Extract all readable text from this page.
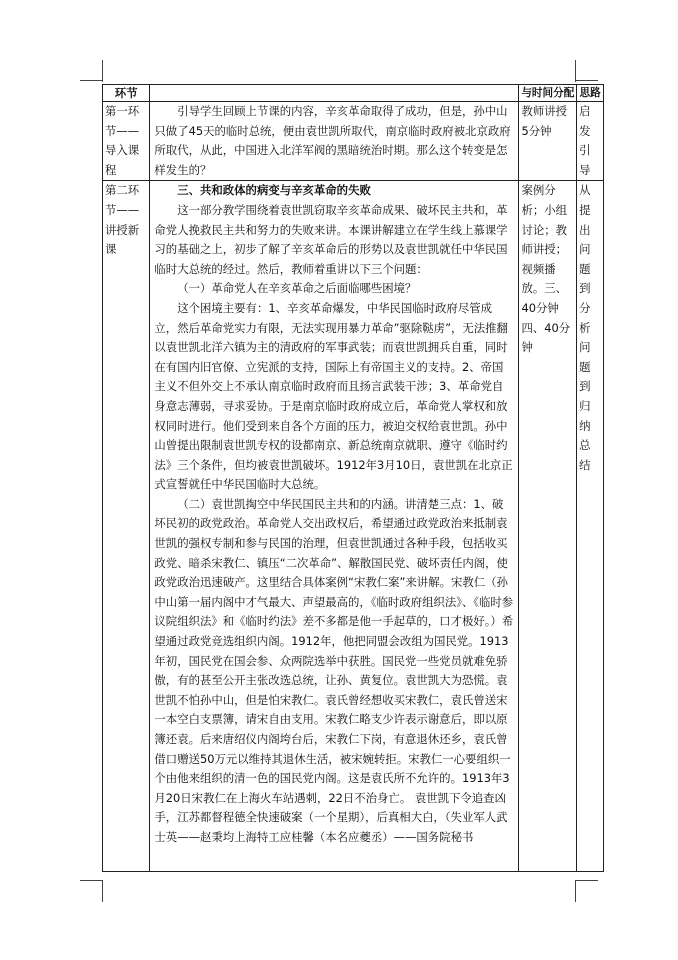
环节		与时间分配	思路

第一环节——导入课程	引导学生回顾上节课的内容，辛亥革命取得了成功，但是，孙中山只做了45天的临时总统，便由袁世凯所取代，南京临时政府被北京政府所取代，从此，中国进入北洋军阀的黑暗统治时期。那么这个转变是怎样发生的？	教师讲授5分钟	启发引导

第二环节——讲授新课	三、共和政体的病变与辛亥革命的失败

这一部分教学围绕着袁世凯窃取辛亥革命成果、破坏民主共和，革命党人挽救民主共和努力的失败来讲。本课讲解建立在学生线上慕课学习的基础之上，初步了解了辛亥革命后的形势以及袁世凯就任中华民国临时大总统的经过。然后，教师着重讲以下三个问题：

（一）革命党人在辛亥革命之后面临哪些困境？

这个困境主要有：1、辛亥革命爆发，中华民国临时政府尽管成立，然后革命党实力有限，无法实现用暴力革命”驱除鞑虏”，无法推翻以袁世凯北洋六镇为主的清政府的军事武装；而袁世凯拥兵自重，同时在有国内旧官僚、立宪派的支持，国际上有帝国主义的支持。2、帝国主义不但外交上不承认南京临时政府而且扬言武装干涉；3、革命党自身意志薄弱，寻求妥协。于是南京临时政府成立后，革命党人掌权和放权同时进行。他们受到来自各个方面的压力，被迫交权给袁世凯。孙中山曾提出限制袁世凯专权的设都南京、新总统南京就职、遵守《临时约法》三个条件，但均被袁世凯破坏。1912年3月10日，袁世凯在北京正式宣誓就任中华民国临时大总统。

（二）袁世凯掏空中华民国民主共和的内涵。讲清楚三点：1、破坏民初的政党政治。革命党人交出政权后，希望通过政党政治来抵制袁世凯的强权专制和参与民国的治理，但袁世凯通过各种手段，包括收买政党、暗杀宋教仁、镇压“二次革命”、解散国民党、破坏责任内阁，使政党政治迅速破产。这里结合具体案例“宋教仁案”来讲解。宋教仁（孙中山第一届内阁中才气最大、声望最高的，《临时政府组织法》、《临时参议院组织法》和《临时约法》差不多都是他一手起草的，口才极好。）希望通过政党竞选组织内阁。1912年，他把同盟会改组为国民党。1913年初，国民党在国会参、众两院选举中获胜。国民党一些党员就难免骄傲，有的甚至公开主张改选总统，让孙、黄复位。袁世凯大为恐慌。袁世凯不怕孙中山，但是怕宋教仁。袁氏曾经想收买宋教仁，袁氏曾送宋一本空白支票簿，请宋自由支用。宋教仁略支少许表示谢意后，即以原簿还袁。后来唐绍仪内阁垮台后，宋教仁下岗，有意退休还乡，袁氏曾借口赠送50万元以维持其退休生活，被宋婉转拒。宋教仁一心要组织一个由他来组织的清一色的国民党内阁。这是袁氏所不允许的。1913年3月20日宋教仁在上海火车站遇刺，22日不治身亡。 袁世凯下令追查凶手，江苏都督程德全快速破案（一个星期），后真相大白，（失业军人武士英——赵秉均上海特工应桂馨（本名应夔丞）——国务院秘书	案例分析；小组讨论；教师讲授；视频播放。三、40分钟四、40分钟	从提出问题到分析问题到归纳总结
